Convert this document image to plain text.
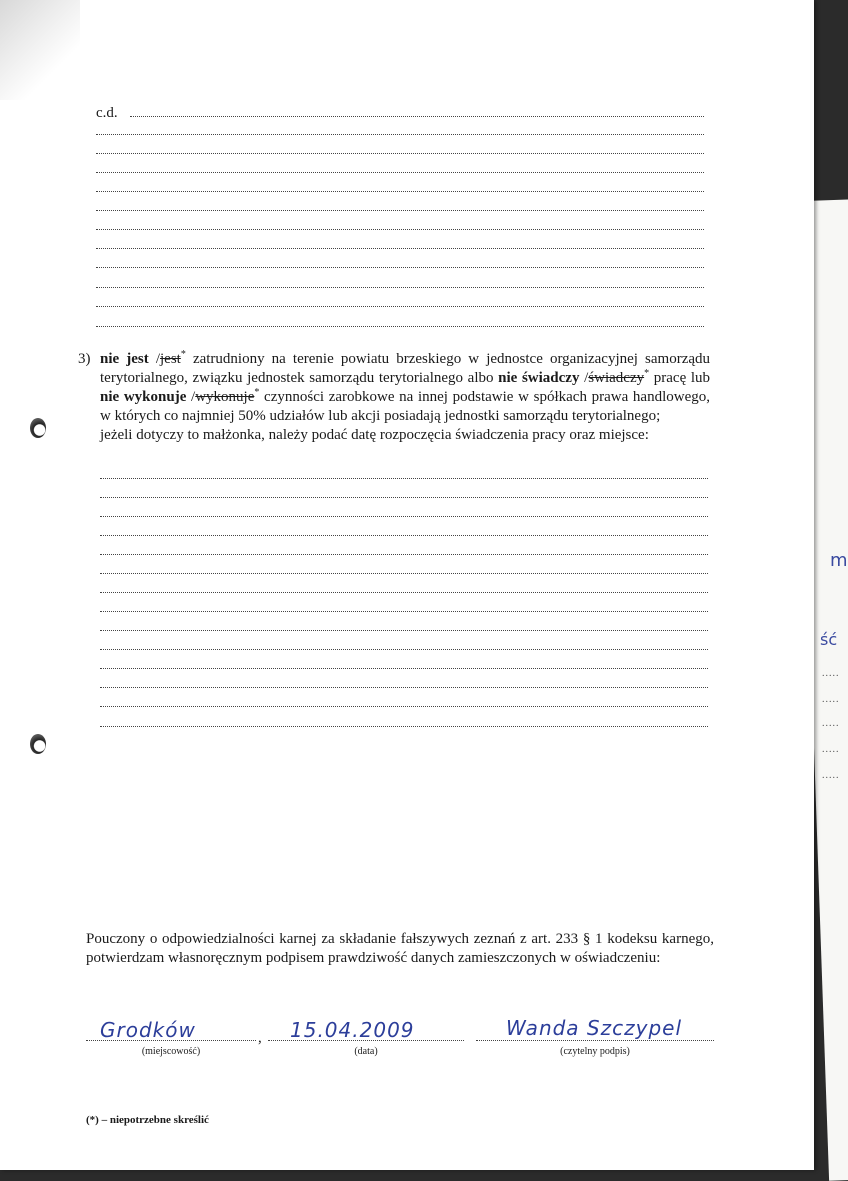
m
ść
.....
.....
.....
.....
.....
c.d.
3) nie jest /jest* zatrudniony na terenie powiatu brzeskiego w jednostce organizacyjnej samorządu terytorialnego, związku jednostek samorządu terytorialnego albo nie świadczy /świadczy* pracę lub nie wykonuje /wykonuje* czynności zarobkowe na innej podstawie w spółkach prawa handlowego, w których co najmniej 50% udziałów lub akcji posiadają jednostki samorządu terytorialnego;
jeżeli dotyczy to małżonka, należy podać datę rozpoczęcia świadczenia pracy oraz miejsce:
Pouczony o odpowiedzialności karnej za składanie fałszywych zeznań z art. 233 § 1 kodeksu karnego, potwierdzam własnoręcznym podpisem prawdziwość danych zamieszczonych w oświadczeniu:
Grodków
(miejscowość)
, 15.04.2009
(data)
Wanda Szczypel
(czytelny podpis)
(*) – niepotrzebne skreślić
